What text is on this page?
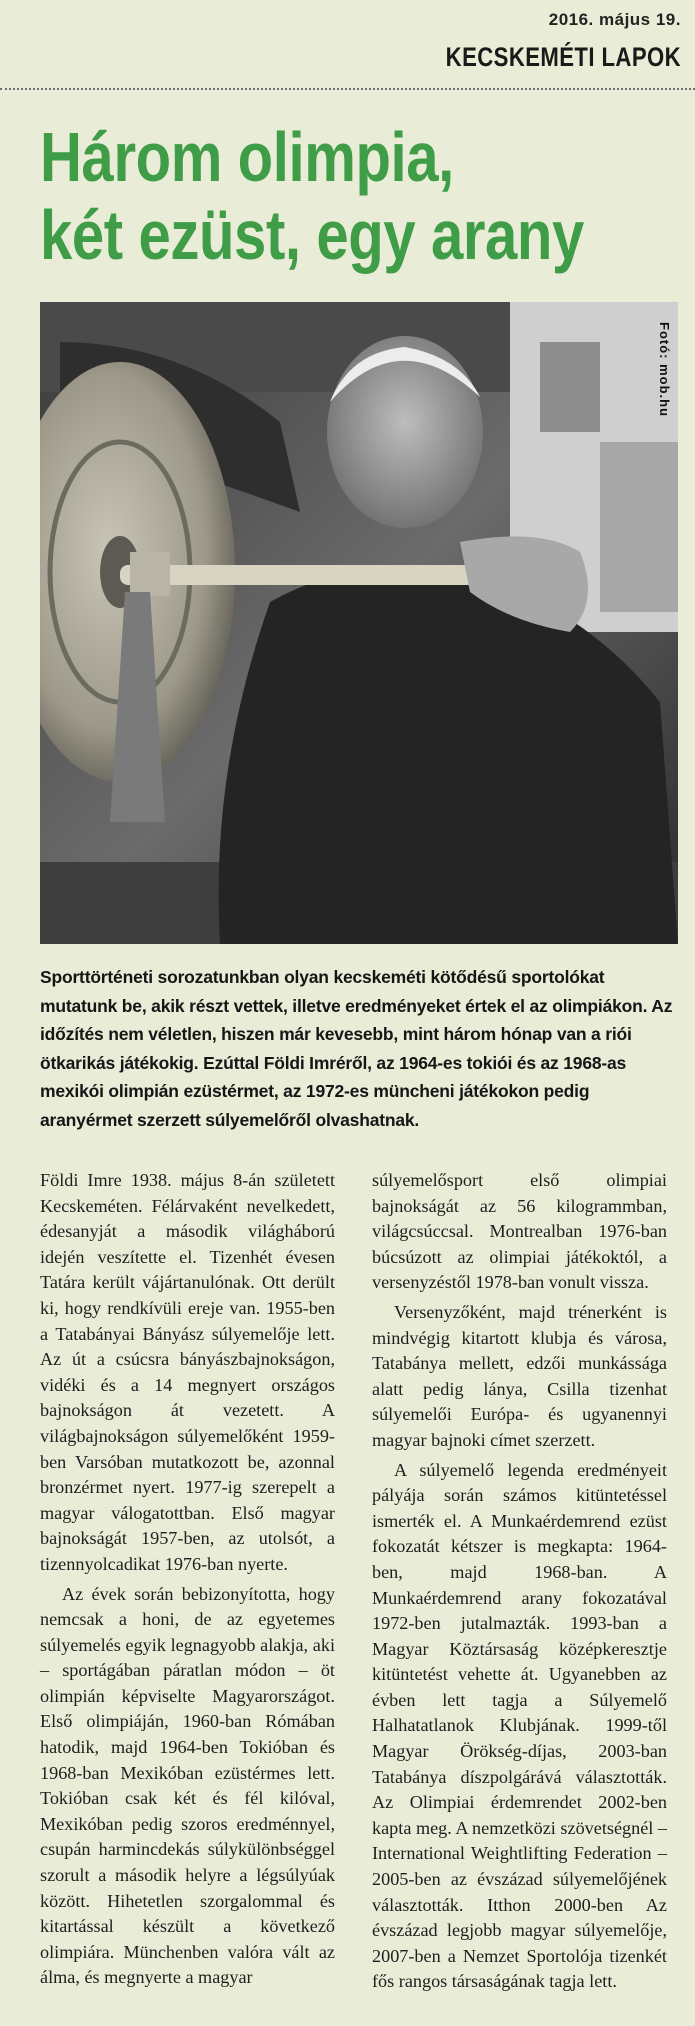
2016. május 19.
KECSKEMÉTI LAPOK
Három olimpia,
két ezüst, egy arany
Fotó: mob.hu
Sporttörténeti sorozatunkban olyan kecskeméti kötődésű sportolókat mutatunk be, akik részt vettek, illetve eredményeket értek el az olimpiákon. Az időzítés nem véletlen, hiszen már kevesebb, mint három hónap van a riói ötkarikás játékokig. Ezúttal Földi Imréről, az 1964-es tokiói és az 1968-as mexikói olimpián ezüstérmet, az 1972-es müncheni játékokon pedig aranyérmet szerzett súlyemelőről olvashatnak.

Földi Imre 1938. május 8-án született Kecskeméten. Félárvaként nevelkedett, édesanyját a második világháború idején veszítette el. Tizenhét évesen Tatára került vájártanulónak. Ott derült ki, hogy rendkívüli ereje van. 1955-ben a Tatabányai Bányász súlyemelője lett. Az út a csúcsra bányászbajnokságon, vidéki és a 14 megnyert országos bajnokságon át vezetett. A világbajnokságon súlyemelőként 1959-ben Varsóban mutatkozott be, azonnal bronzérmet nyert. 1977-ig szerepelt a magyar válogatottban. Első magyar bajnokságát 1957-ben, az utolsót, a tizennyolcadikat 1976-ban nyerte.

Az évek során bebizonyította, hogy nemcsak a honi, de az egyetemes súlyemelés egyik legnagyobb alakja, aki – sportágában páratlan módon – öt olimpián képviselte Magyarországot. Első olimpiáján, 1960-ban Rómában hatodik, majd 1964-ben Tokióban és 1968-ban Mexikóban ezüstérmes lett. Tokióban csak két és fél kilóval, Mexikóban pedig szoros eredménnyel, csupán harmincdekás súlykülönbséggel szorult a második helyre a légsúlyúak között. Hihetetlen szorgalommal és kitartással készült a következő olimpiára. Münchenben valóra vált az álma, és megnyerte a magyar

súlyemelősport első olimpiai bajnokságát az 56 kilogrammban, világcsúccsal. Montrealban 1976-ban búcsúzott az olimpiai játékoktól, a versenyzéstől 1978-ban vonult vissza.

Versenyzőként, majd trénerként is mindvégig kitartott klubja és városa, Tatabánya mellett, edzői munkássága alatt pedig lánya, Csilla tizenhat súlyemelői Európa- és ugyanennyi magyar bajnoki címet szerzett.

A súlyemelő legenda eredményeit pályája során számos kitüntetéssel ismerték el. A Munkaérdemrend ezüst fokozatát kétszer is megkapta: 1964-ben, majd 1968-ban. A Munkaérdemrend arany fokozatával 1972-ben jutalmazták. 1993-ban a Magyar Köztársaság középkeresztje kitüntetést vehette át. Ugyanebben az évben lett tagja a Súlyemelő Halhatatlanok Klubjának. 1999-től Magyar Örökség-díjas, 2003-ban Tatabánya díszpolgárává választották. Az Olimpiai érdemrendet 2002-ben kapta meg. A nemzetközi szövetségnél – International Weightlifting Federation – 2005-ben az évszázad súlyemelőjének választották. Itthon 2000-ben Az évszázad legjobb magyar súlyemelője, 2007-ben a Nemzet Sportolója tizenkét fős rangos társaságának tagja lett.
